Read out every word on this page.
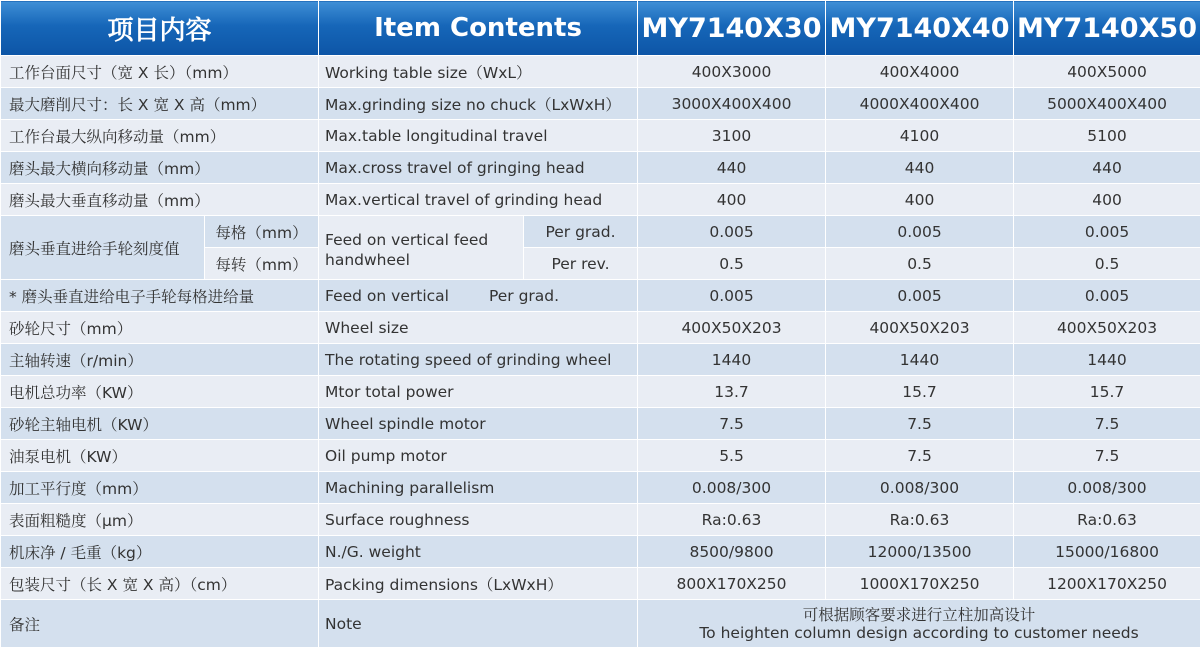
项目内容		Item Contents		MY7140X30	MY7140X40	MY7140X50
工作台面尺寸（宽 X 长）（mm）		Working table size（WxL）		400X3000	400X4000	400X5000
最大磨削尺寸：长 X 宽 X 高（mm）		Max.grinding size no chuck（LxWxH）		3000X400X400	4000X400X400	5000X400X400
工作台最大纵向移动量（mm）		Max.table longitudinal travel		3100	4100	5100
磨头最大横向移动量（mm）		Max.cross travel of gringing head		440	440	440
磨头最大垂直移动量（mm）		Max.vertical travel of grinding head		400	400	400
磨头垂直进给手轮刻度值	每格（mm）	Feed on vertical feed handwheel	Per grad.	0.005	0.005	0.005
	每转（mm）		Per rev.	0.5	0.5	0.5
* 磨头垂直进给电子手轮每格进给量		Feed on vertical Per grad.		0.005	0.005	0.005
砂轮尺寸（mm）		Wheel size		400X50X203	400X50X203	400X50X203
主轴转速（r/min）		The rotating speed of grinding wheel		1440	1440	1440
电机总功率（KW）		Mtor total power		13.7	15.7	15.7
砂轮主轴电机（KW）		Wheel spindle motor		7.5	7.5	7.5
油泵电机（KW）		Oil pump motor		5.5	7.5	7.5
加工平行度（mm）		Machining parallelism		0.008/300	0.008/300	0.008/300
表面粗糙度（μm）		Surface roughness		Ra:0.63	Ra:0.63	Ra:0.63
机床净 / 毛重（kg）		N./G. weight		8500/9800	12000/13500	15000/16800
包装尺寸（长 X 宽 X 高）（cm）		Packing dimensions（LxWxH）		800X170X250	1000X170X250	1200X170X250
备注		Note		可根据顾客要求进行立柱加高设计
To heighten column design according to customer needs		
